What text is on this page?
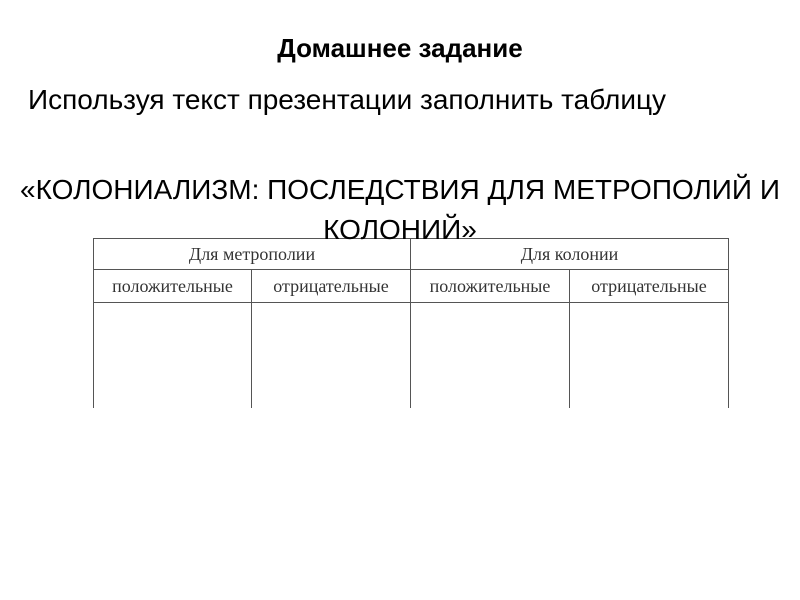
Домашнее задание
Используя текст презентации заполнить таблицу
«КОЛОНИАЛИЗМ: ПОСЛЕДСТВИЯ ДЛЯ МЕТРОПОЛИЙ И КОЛОНИЙ»
Для метрополии		Для колонии	
положительные	отрицательные	положительные	отрицательные
